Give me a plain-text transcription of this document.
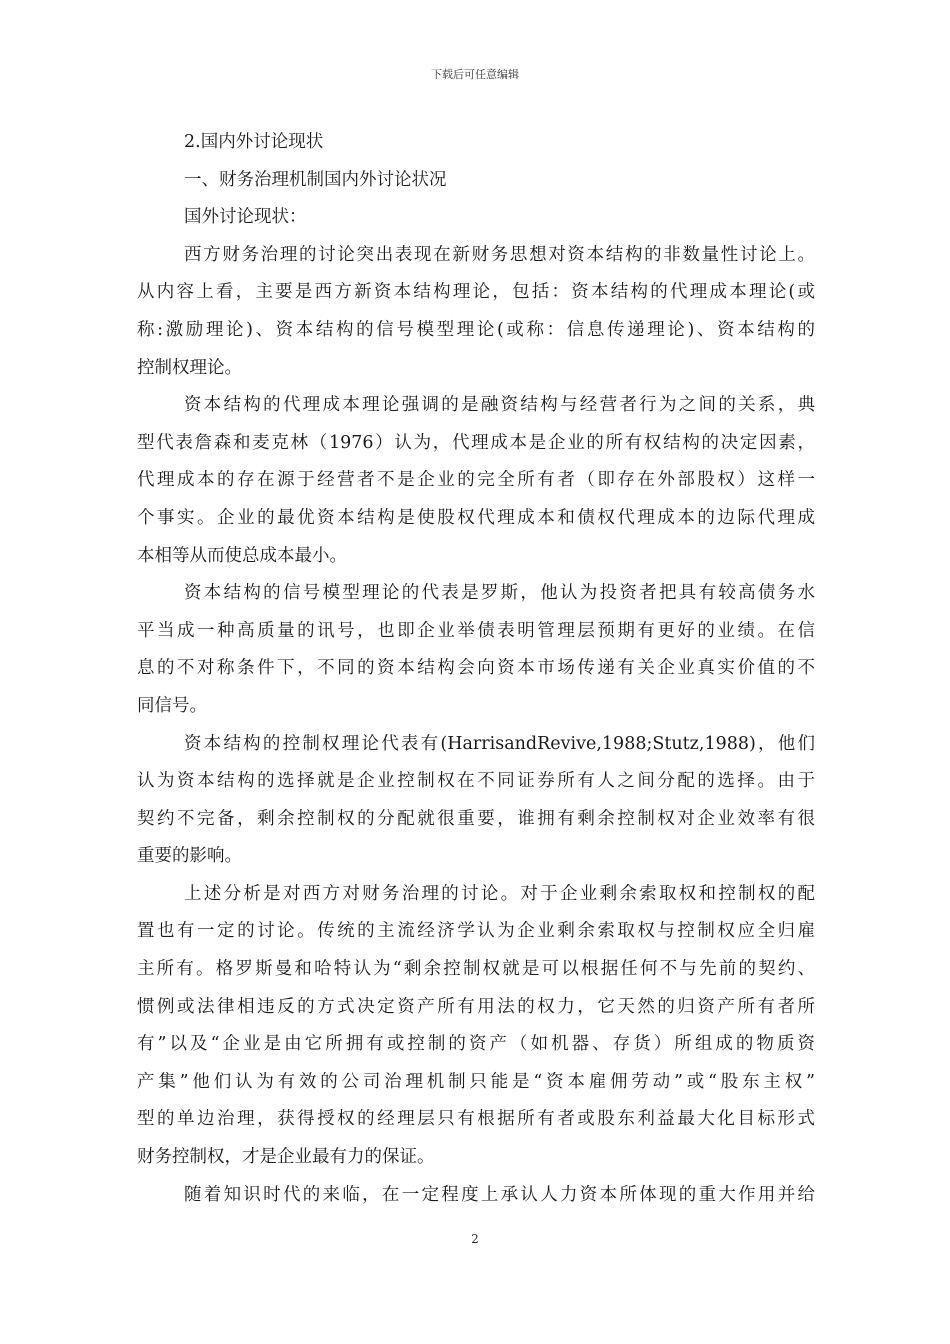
下载后可任意编辑
2.国内外讨论现状
一、财务治理机制国内外讨论状况
国外讨论现状：
西方财务治理的讨论突出表现在新财务思想对资本结构的非数量性讨论上。
从内容上看，主要是西方新资本结构理论，包括：资本结构的代理成本理论(或
称:激励理论)、资本结构的信号模型理论(或称：信息传递理论)、资本结构的
控制权理论。
资本结构的代理成本理论强调的是融资结构与经营者行为之间的关系，典
型代表詹森和麦克林（1976）认为，代理成本是企业的所有权结构的决定因素，
代理成本的存在源于经营者不是企业的完全所有者（即存在外部股权）这样一
个事实。企业的最优资本结构是使股权代理成本和债权代理成本的边际代理成
本相等从而使总成本最小。
资本结构的信号模型理论的代表是罗斯，他认为投资者把具有较高债务水
平当成一种高质量的讯号，也即企业举债表明管理层预期有更好的业绩。在信
息的不对称条件下，不同的资本结构会向资本市场传递有关企业真实价值的不
同信号。
资本结构的控制权理论代表有(HarrisandRevive,1988;Stutz,1988)，他们
认为资本结构的选择就是企业控制权在不同证券所有人之间分配的选择。由于
契约不完备，剩余控制权的分配就很重要，谁拥有剩余控制权对企业效率有很
重要的影响。
上述分析是对西方对财务治理的讨论。对于企业剩余索取权和控制权的配
置也有一定的讨论。传统的主流经济学认为企业剩余索取权与控制权应全归雇
主所有。格罗斯曼和哈特认为“剩余控制权就是可以根据任何不与先前的契约、
惯例或法律相违反的方式决定资产所有用法的权力，它天然的归资产所有者所
有”以及“企业是由它所拥有或控制的资产（如机器、存货）所组成的物质资
产集”他们认为有效的公司治理机制只能是“资本雇佣劳动”或“股东主权”
型的单边治理，获得授权的经理层只有根据所有者或股东利益最大化目标形式
财务控制权，才是企业最有力的保证。
随着知识时代的来临，在一定程度上承认人力资本所体现的重大作用并给
2
